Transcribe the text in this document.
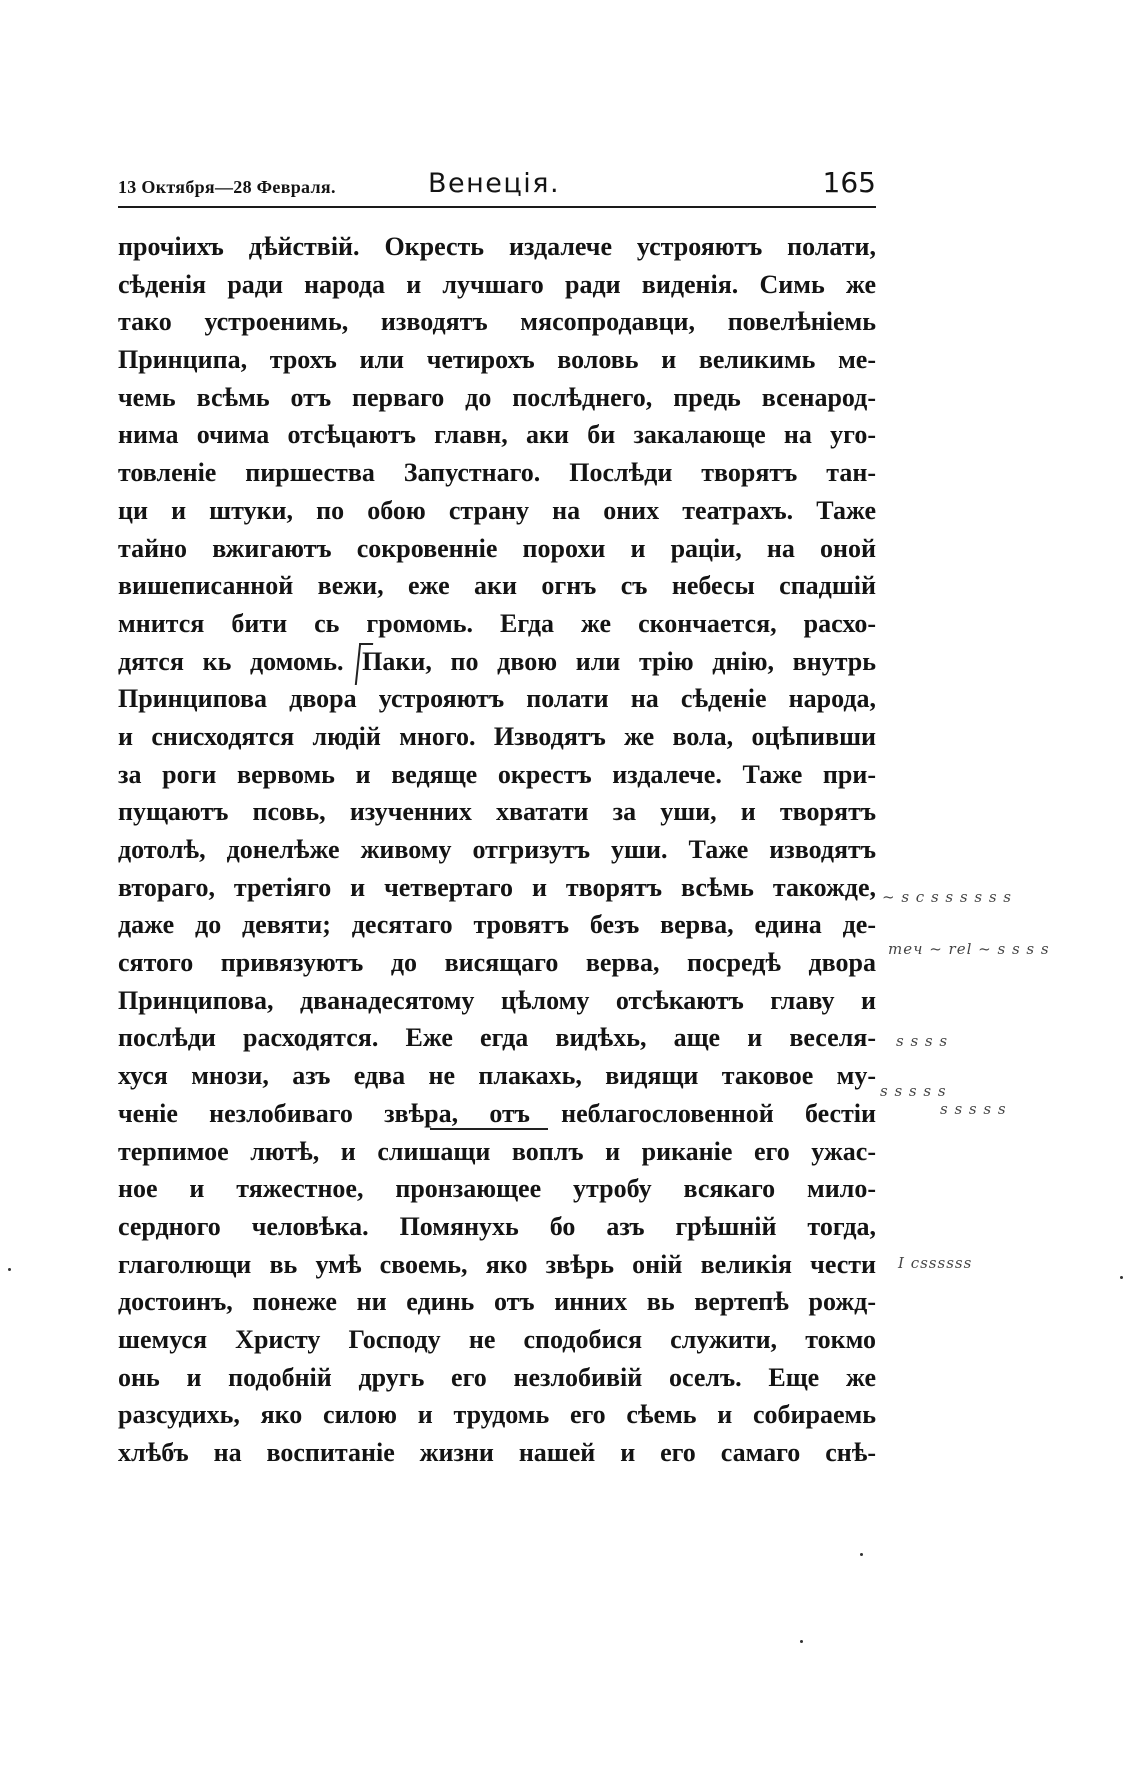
13 Октября—28 Февраля.	Венеція.	165
прочіихъ дѣйствій. Окресть издалече устрояютъ полати,
сѣденія ради народа и лучшаго ради виденія. Симь же
тако устроенимь, изводятъ мясопродавци, повелѣніемь
Принципа, трохъ или четирохъ воловь и великимь ме-
чемь всѣмь отъ перваго до послѣднего, предь всенарод-
нима очима отсѣцаютъ главн, аки би закалающе на уго-
товленіе пиршества Запустнаго. Послѣди творятъ тан-
ци и штуки, по обою страну на оних театрахъ. Таже
тайно вжигаютъ сокровенніе порохи и раціи, на оной
вишеписанной вежи, еже аки огнъ съ небесы спадшій
мнится бити сь громомь. Егда же скончается, расхо-
дятся кь домомь. Паки, по двою или трію днію, внутрь
Принципова двора устрояютъ полати на сѣденіе народа,
и снисходятся людій много. Изводятъ же вола, оцѣпивши
за роги вервомь и ведяще окрестъ издалече. Таже при-
пущаютъ псовь, изученних хватати за уши, и творятъ
дотолѣ, донелѣже живому отгризутъ уши. Таже изводятъ
втораго, третіяго и четвертаго и творятъ всѣмь такожде,
даже до девяти; десятаго тровятъ безъ верва, едина де-
сятого привязуютъ до висящаго верва, посредѣ двора
Принципова, дванадесятому цѣлому отсѣкаютъ главу и
послѣди расходятся. Еже егда видѣхь, аще и веселя-
хуся мнози, азъ едва не плакахь, видящи таковое му-
ченіе незлобиваго звѣра, отъ неблагословенной бестіи
терпимое лютѣ, и слишащи воплъ и риканіе его ужас-
ное и тяжестное, пронзающее утробу всякаго мило-
сердного человѣка. Помянухь бо азъ грѣшній тогда,
глаголющи вь умѣ своемь, яко звѣрь оній великія чести
достоинъ, понеже ни единь отъ инних вь вертепѣ рожд-
шемуся Христу Господу не сподобися служити, токмо
онь и подобній другь его незлобивій оселъ. Еще же
разсудихь, яко силою и трудомь его сѣемь и собираемь
хлѣбъ на воспитаніе жизни нашей и его самаго снѣ-
~ ѕ с ѕ ѕ ѕ ѕ ѕ ѕ
теч ~ rel ~ ѕ ѕ ѕ ѕ
ѕ ѕ ѕ ѕ
ѕ ѕ ѕ ѕ ѕ
ѕ ѕ ѕ ѕ ѕ
I сѕѕѕѕѕѕ
